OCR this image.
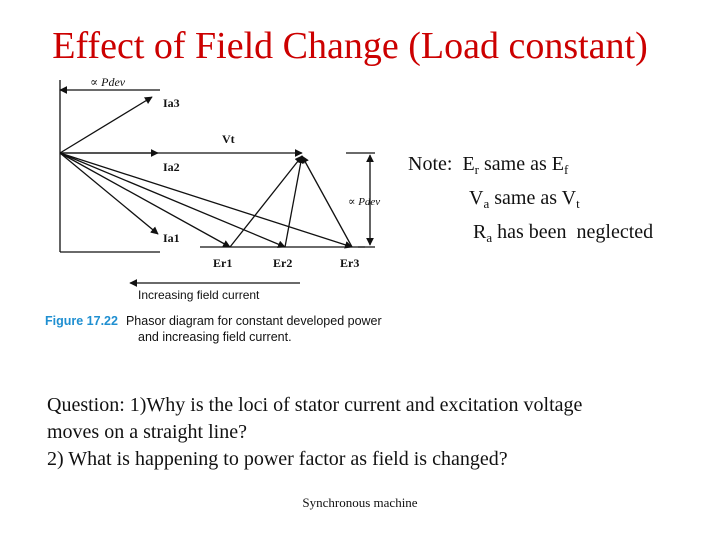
Effect of Field Change (Load constant)
∝ Pdev
∝ Pdev
Vt
Ia3
Ia2
Ia1
Er1	Er2	Er3
Increasing field current
Figure 17.22 Phasor diagram for constant developed power
and increasing field current.
Note: $E_r$ same as $E_f$
$V_a$ same as $V_t$
$R_a$ has been  neglected

Question: 1)Why is the loci of stator current and excitation voltage

moves on a straight line?

2) What is happening to power factor as field is changed?

Synchronous machine
